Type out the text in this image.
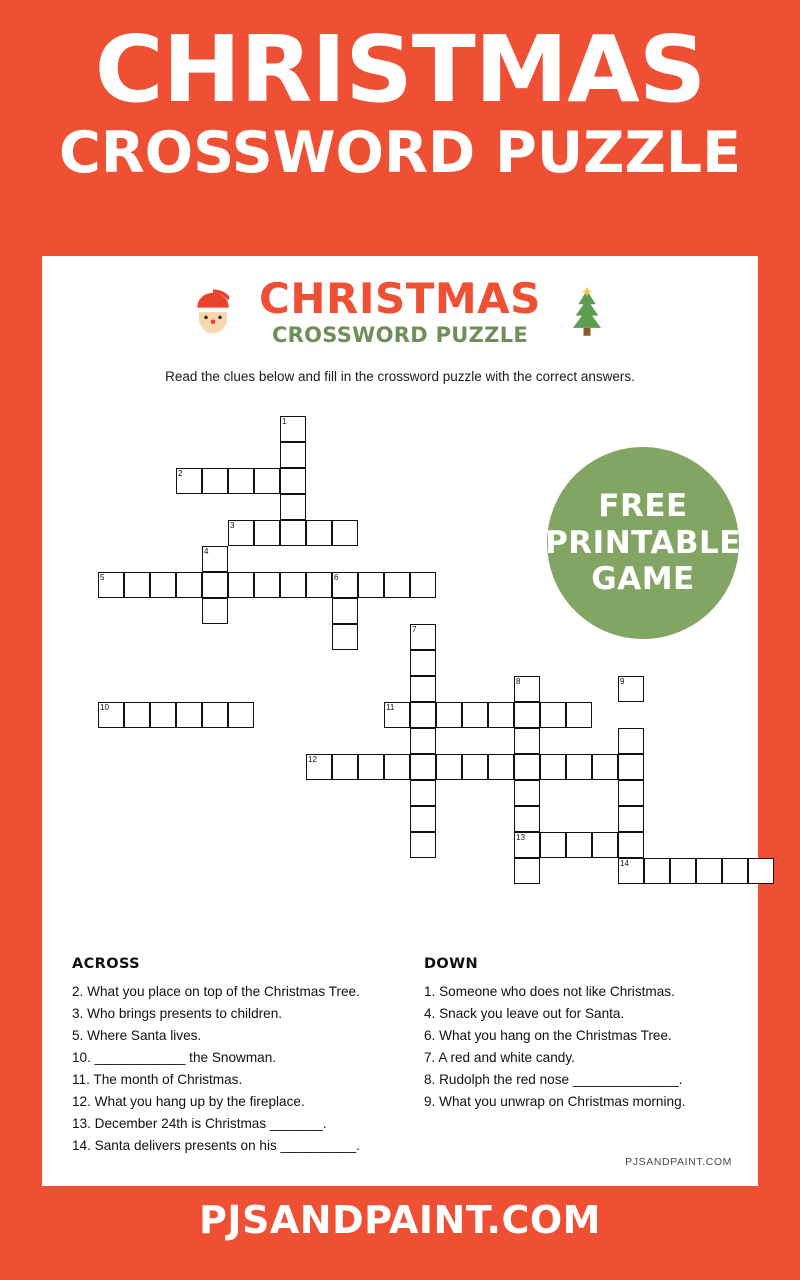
CHRISTMAS
CROSSWORD PUZZLE
CHRISTMAS
CROSSWORD PUZZLE
Read the clues below and fill in the crossword puzzle with the correct answers.
FREE
PRINTABLE
GAME
1
2
3
4
5	6
7
8	9
10	11
12
13
14
ACROSS
2. What you place on top of the Christmas Tree.
3. Who brings presents to children.
5. Where Santa lives.
10. ____________ the Snowman.
11. The month of Christmas.
12. What you hang up by the fireplace.
13. December 24th is Christmas _______.
14. Santa delivers presents on his __________.
DOWN
1. Someone who does not like Christmas.
4. Snack you leave out for Santa.
6. What you hang on the Christmas Tree.
7. A red and white candy.
8. Rudolph the red nose ______________.
9. What you unwrap on Christmas morning.
PJSANDPAINT.COM
PJSANDPAINT.COM
